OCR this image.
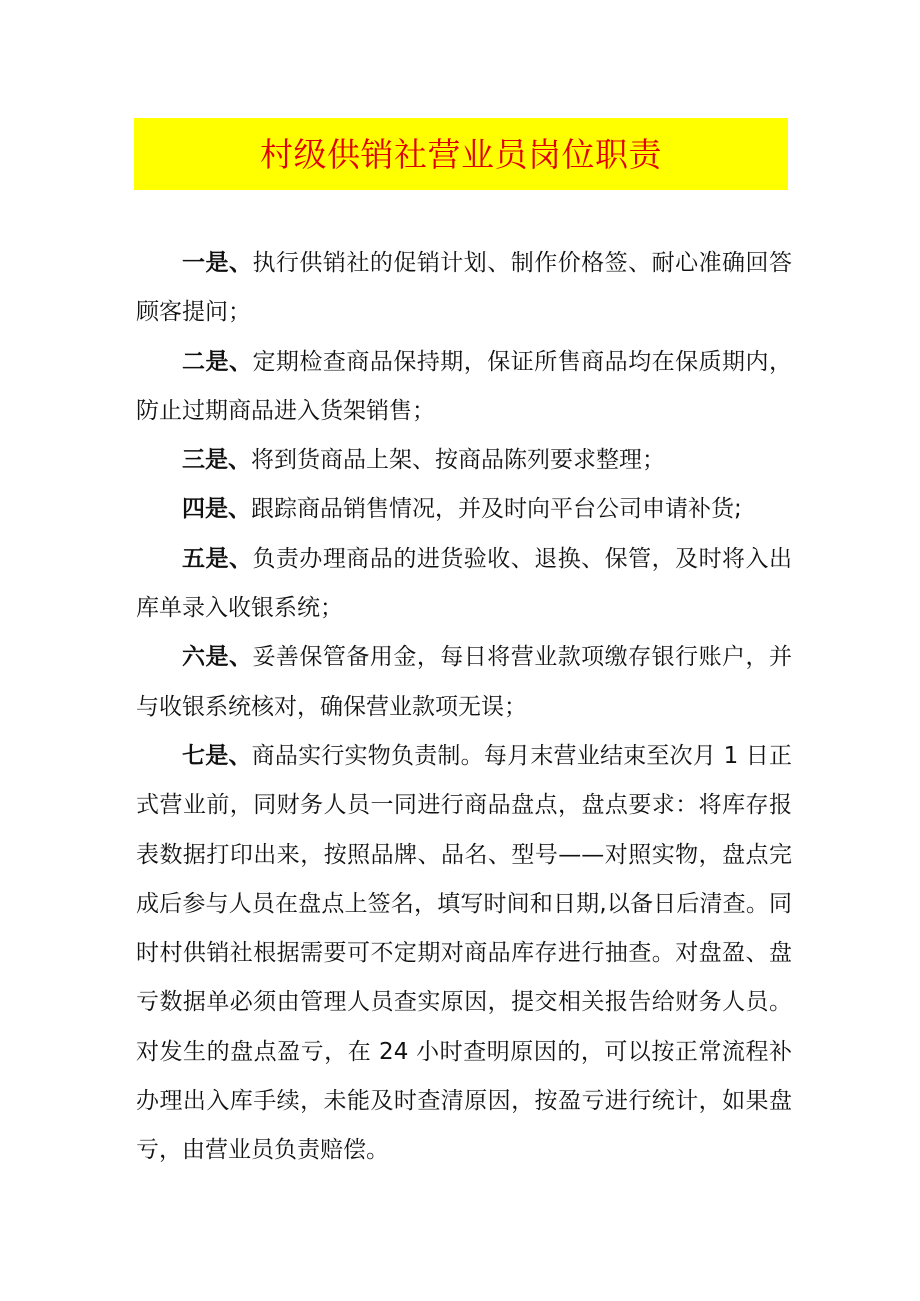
村级供销社营业员岗位职责

一是、执行供销社的促销计划、制作价格签、耐心准确回答顾客提问；

二是、定期检查商品保持期，保证所售商品均在保质期内，防止过期商品进入货架销售；

三是、将到货商品上架、按商品陈列要求整理；

四是、跟踪商品销售情况，并及时向平台公司申请补货;

五是、负责办理商品的进货验收、退换、保管，及时将入出库单录入收银系统；

六是、妥善保管备用金，每日将营业款项缴存银行账户，并与收银系统核对，确保营业款项无误；

七是、商品实行实物负责制。每月末营业结束至次月 1 日正式营业前，同财务人员一同进行商品盘点，盘点要求：将库存报表数据打印出来，按照品牌、品名、型号——对照实物，盘点完成后参与人员在盘点上签名，填写时间和日期,以备日后清查。同时村供销社根据需要可不定期对商品库存进行抽查。对盘盈、盘亏数据单必须由管理人员查实原因，提交相关报告给财务人员。对发生的盘点盈亏，在 24 小时查明原因的，可以按正常流程补办理出入库手续，未能及时查清原因，按盈亏进行统计，如果盘亏，由营业员负责赔偿。
